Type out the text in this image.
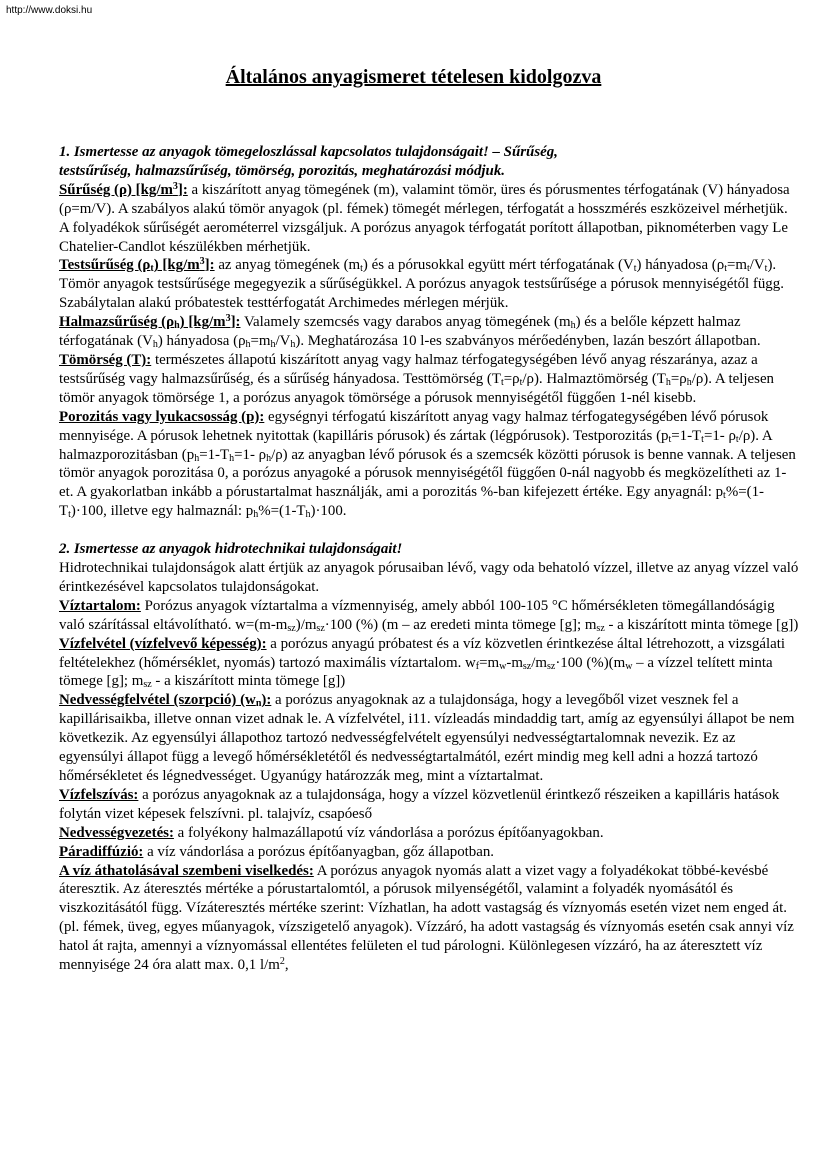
http://www.doksi.hu
Általános anyagismeret tételesen kidolgozva

1. Ismertesse az anyagok tömegeloszlással kapcsolatos tulajdonságait! – Sűrűség,
testsűrűség, halmazsűrűség, tömörség, porozitás, meghatározási módjuk.

Sűrűség (ρ) $[kg/m^3]$: a kiszárított anyag tömegének (m), valamint tömör, üres és pórusmentes térfogatának (V) hányadosa (ρ=m/V). A szabályos alakú tömör anyagok (pl. fémek) tömegét mérlegen, térfogatát a hosszmérés eszközeivel mérhetjük. A folyadékok sűrűségét aerométerrel vizsgáljuk. A porózus anyagok térfogatát porított állapotban, piknométerben vagy Le Chatelier-Candlot készülékben mérhetjük.

Testsűrűség $(\rho_t)$ $[kg/m^3]$: az anyag tömegének $(m_t)$ és a pórusokkal együtt mért térfogatának $(V_t)$ hányadosa $(\rho_t=m_t/V_t)$. Tömör anyagok testsűrűsége megegyezik a sűrűségükkel. A porózus anyagok testsűrűsége a pórusok mennyiségétől függ. Szabálytalan alakú próbatestek testtérfogatát Archimedes mérlegen mérjük.

Halmazsűrűség $(\rho_h)$ $[kg/m^3]$: Valamely szemcsés vagy darabos anyag tömegének $(m_h)$ és a belőle képzett halmaz térfogatának $(V_h)$ hányadosa $(\rho_h=m_h/V_h)$. Meghatározása 10 l-es szabványos mérőedényben, lazán beszórt állapotban.

Tömörség (T): természetes állapotú kiszárított anyag vagy halmaz térfogategységében lévő anyag részaránya, azaz a testsűrűség vagy halmazsűrűség, és a sűrűség hányadosa. Testtömörség $(T_t=\rho_t/\rho)$. Halmaztömörség $(T_h=\rho_h/\rho)$. A teljesen tömör anyagok tömörsége 1, a porózus anyagok tömörsége a pórusok mennyiségétől függően 1-nél kisebb.

Porozitás vagy lyukacsosság (p): egységnyi térfogatú kiszárított anyag vagy halmaz térfogategységében lévő pórusok mennyisége. A pórusok lehetnek nyitottak (kapilláris pórusok) és zártak (légpórusok). Testporozitás ($p_t=1-T_t=1-$ $\rho_t/\rho$). A halmazporozitásban ($p_h=1-T_h=1-$ $\rho_h/\rho$) az anyagban lévő pórusok és a szemcsék közötti pórusok is benne vannak. A teljesen tömör anyagok porozitása 0, a porózus anyagoké a pórusok mennyiségétől függően 0-nál nagyobb és megközelítheti az 1-et. A gyakorlatban inkább a pórustartalmat használják, ami a porozitás %-ban kifejezett értéke. Egy anyagnál: $p_t\%=(1-T_t)\cdot 100$, illetve egy halmaznál: $p_h\%=(1-T_h)\cdot 100$.

2. Ismertesse az anyagok hidrotechnikai tulajdonságait!

Hidrotechnikai tulajdonságok alatt értjük az anyagok pórusaiban lévő, vagy oda behatoló vízzel, illetve az anyag vízzel való érintkezésével kapcsolatos tulajdonságokat.

Víztartalom: Porózus anyagok víztartalma a vízmennyiség, amely abból 100-105 °C hőmérsékleten tömegállandóságig való szárítással eltávolítható. $w=(m-m_{sz})/m_{sz}\cdot 100$ (%) (m – az eredeti minta tömege [g]; $m_{sz}$ - a kiszárított minta tömege [g])

Vízfelvétel (vízfelvevő képesség): a porózus anyagú próbatest és a víz közvetlen érintkezése által létrehozott, a vizsgálati feltételekhez (hőmérséklet, nyomás) tartozó maximális víztartalom. $w_f=m_w-m_{sz}/m_{sz}\cdot 100$ $(\%)(m_w$ – a vízzel telített minta tömege [g]; $m_{sz}$ - a kiszárított minta tömege [g])

Nedvességfelvétel (szorpció) $(w_n)$: a porózus anyagoknak az a tulajdonsága, hogy a levegőből vizet vesznek fel a kapillárisaikba, illetve onnan vizet adnak le. A vízfelvétel, i11. vízleadás mindaddig tart, amíg az egyensúlyi állapot be nem következik. Az egyensúlyi állapothoz tartozó nedvességfelvételt egyensúlyi nedvességtartalomnak nevezik. Ez az egyensúlyi állapot függ a levegő hőmérsékletétől és nedvességtartalmától, ezért mindig meg kell adni a hozzá tartozó hőmérsékletet és légnedvességet. Ugyanúgy határozzák meg, mint a víztartalmat.

Vízfelszívás: a porózus anyagoknak az a tulajdonsága, hogy a vízzel közvetlenül érintkező részeiken a kapilláris hatások folytán vizet képesek felszívni. pl. talajvíz, csapóeső

Nedvességvezetés: a folyékony halmazállapotú víz vándorlása a porózus építőanyagokban.

Páradiffúzió: a víz vándorlása a porózus építőanyagban, gőz állapotban.

A víz áthatolásával szembeni viselkedés: A porózus anyagok nyomás alatt a vizet vagy a folyadékokat többé-kevésbé áteresztik. Az áteresztés mértéke a pórustartalomtól, a pórusok milyenségétől, valamint a folyadék nyomásától és viszkozitásától függ. Vízáteresztés mértéke szerint: Vízhatlan, ha adott vastagság és víznyomás esetén vizet nem enged át. (pl. fémek, üveg, egyes műanyagok, vízszigetelő anyagok). Vízzáró, ha adott vastagság és víznyomás esetén csak annyi víz hatol át rajta, amennyi a víznyomással ellentétes felületen el tud párologni. Különlegesen vízzáró, ha az áteresztett víz mennyisége 24 óra alatt max. 0,1 $l/m^2$,
